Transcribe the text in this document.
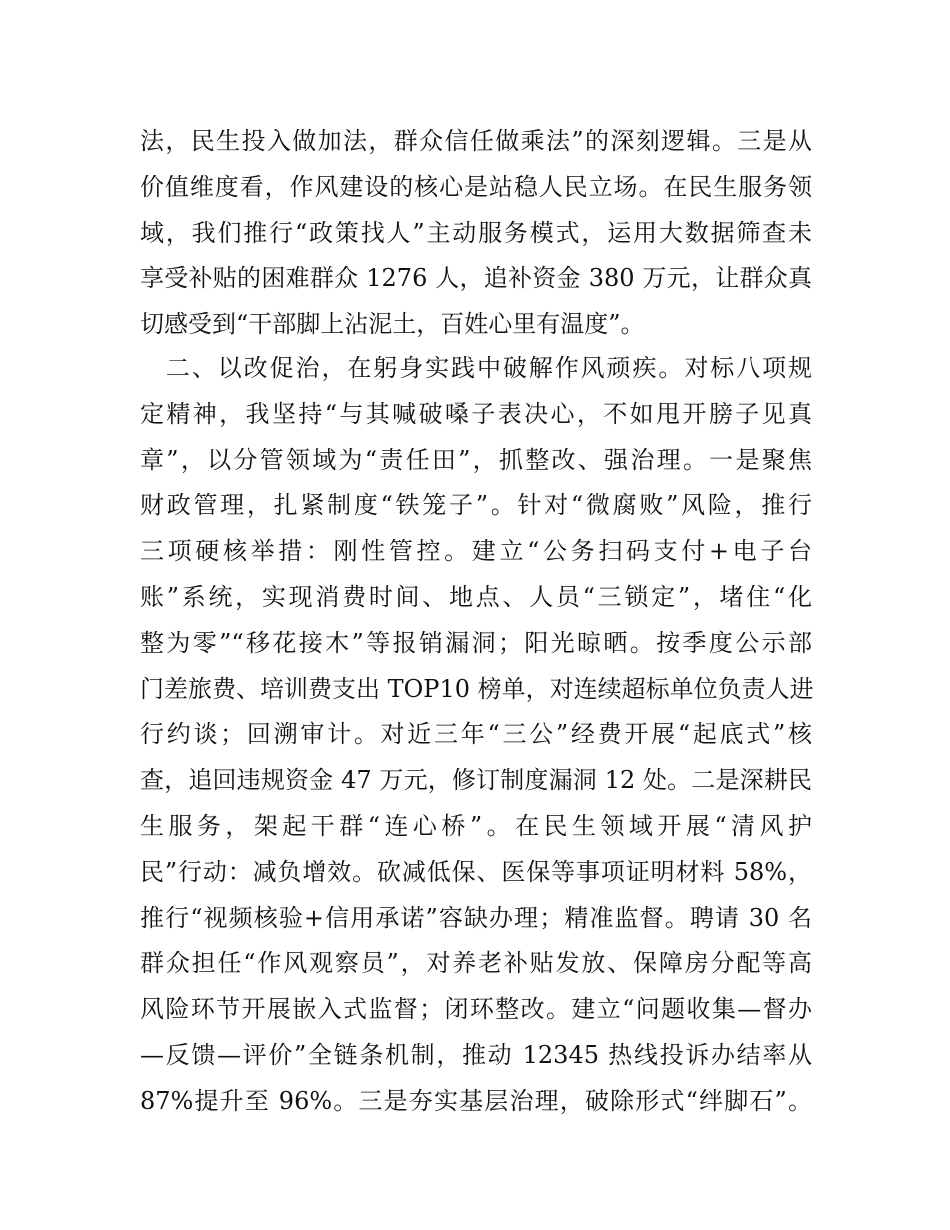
法，民生投入做加法，群众信任做乘法”的深刻逻辑。三是从
价值维度看，作风建设的核心是站稳人民立场。在民生服务领
域，我们推行“政策找人”主动服务模式，运用大数据筛查未
享受补贴的困难群众 1276 人，追补资金 380 万元，让群众真
切感受到“干部脚上沾泥土，百姓心里有温度”。
　二、以改促治，在躬身实践中破解作风顽疾。对标八项规
定精神，我坚持“与其喊破嗓子表决心，不如甩开膀子见真
章”，以分管领域为“责任田”，抓整改、强治理。一是聚焦
财政管理，扎紧制度“铁笼子”。针对“微腐败”风险，推行
三项硬核举措：刚性管控。建立“公务扫码支付+电子台
账”系统，实现消费时间、地点、人员“三锁定”，堵住“化
整为零”“移花接木”等报销漏洞；阳光晾晒。按季度公示部
门差旅费、培训费支出 TOP10 榜单，对连续超标单位负责人进
行约谈；回溯审计。对近三年“三公”经费开展“起底式”核
查，追回违规资金 47 万元，修订制度漏洞 12 处。二是深耕民
生服务，架起干群“连心桥”。在民生领域开展“清风护
民”行动：减负增效。砍减低保、医保等事项证明材料 58%，
推行“视频核验+信用承诺”容缺办理；精准监督。聘请 30 名
群众担任“作风观察员”，对养老补贴发放、保障房分配等高
风险环节开展嵌入式监督；闭环整改。建立“问题收集—督办
—反馈—评价”全链条机制，推动 12345 热线投诉办结率从
87%提升至 96%。三是夯实基层治理，破除形式“绊脚石”。
